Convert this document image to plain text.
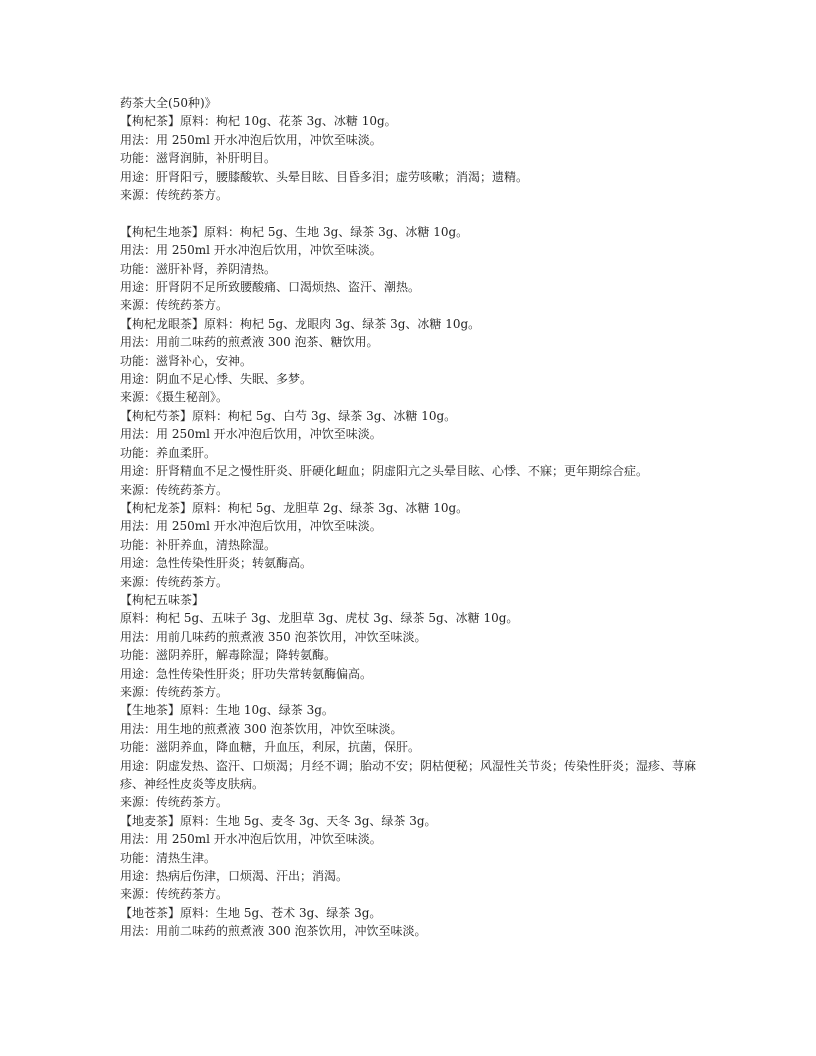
药茶大全(50种)》
【枸杞茶】原料：枸杞 10g、花茶 3g、冰糖 10g。
用法：用 250ml 开水冲泡后饮用，冲饮至味淡。
功能：滋肾润肺，补肝明目。
用途：肝肾阳亏，腰膝酸软、头晕目眩、目昏多泪；虚劳咳嗽；消渴；遗精。
来源：传统药茶方。
【枸杞生地茶】原料：枸杞 5g、生地 3g、绿茶 3g、冰糖 10g。
用法：用 250ml 开水冲泡后饮用，冲饮至味淡。
功能：滋肝补肾，养阴清热。
用途：肝肾阴不足所致腰酸痛、口渴烦热、盗汗、潮热。
来源：传统药茶方。
【枸杞龙眼茶】原料：枸杞 5g、龙眼肉 3g、绿茶 3g、冰糖 10g。
用法：用前二味药的煎煮液 300 泡茶、糖饮用。
功能：滋肾补心，安神。
用途：阴血不足心悸、失眠、多梦。
来源：《摄生秘剖》。
【枸杞芍茶】原料：枸杞 5g、白芍 3g、绿茶 3g、冰糖 10g。
用法：用 250ml 开水冲泡后饮用，冲饮至味淡。
功能：养血柔肝。
用途：肝肾精血不足之慢性肝炎、肝硬化衄血；阴虚阳亢之头晕目眩、心悸、不寐；更年期综合症。
来源：传统药茶方。
【枸杞龙茶】原料：枸杞 5g、龙胆草 2g、绿茶 3g、冰糖 10g。
用法：用 250ml 开水冲泡后饮用，冲饮至味淡。
功能：补肝养血，清热除湿。
用途：急性传染性肝炎；转氨酶高。
来源：传统药茶方。
【枸杞五味茶】
原料：枸杞 5g、五味子 3g、龙胆草 3g、虎杖 3g、绿茶 5g、冰糖 10g。
用法：用前几味药的煎煮液 350 泡茶饮用，冲饮至味淡。
功能：滋阴养肝，解毒除湿；降转氨酶。
用途：急性传染性肝炎；肝功失常转氨酶偏高。
来源：传统药茶方。
【生地茶】原料：生地 10g、绿茶 3g。
用法：用生地的煎煮液 300 泡茶饮用，冲饮至味淡。
功能：滋阴养血，降血糖，升血压，利尿，抗菌，保肝。
用途：阴虚发热、盗汗、口烦渴；月经不调；胎动不安；阴枯便秘；风湿性关节炎；传染性肝炎；湿疹、荨麻疹、神经性皮炎等皮肤病。
来源：传统药茶方。
【地麦茶】原料：生地 5g、麦冬 3g、天冬 3g、绿茶 3g。
用法：用 250ml 开水冲泡后饮用，冲饮至味淡。
功能：清热生津。
用途：热病后伤津，口烦渴、汗出；消渴。
来源：传统药茶方。
【地苍茶】原料：生地 5g、苍术 3g、绿茶 3g。
用法：用前二味药的煎煮液 300 泡茶饮用，冲饮至味淡。
